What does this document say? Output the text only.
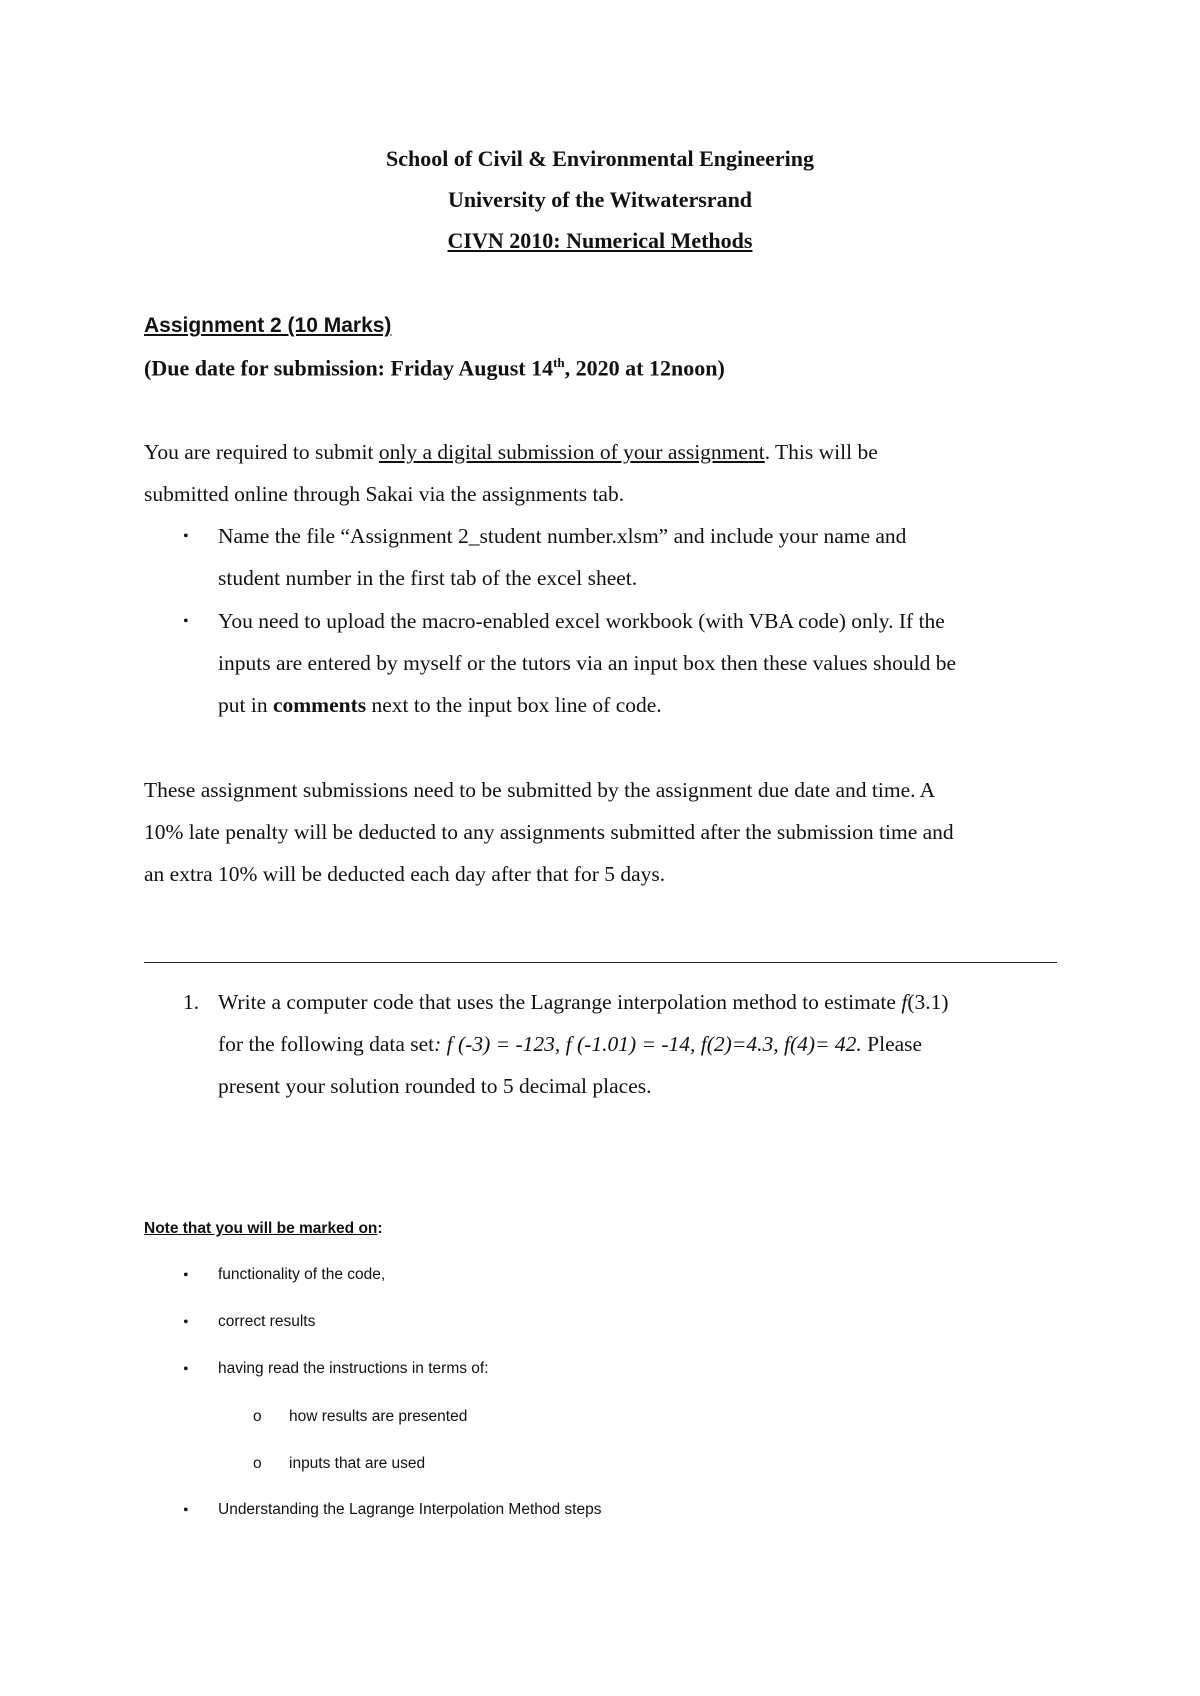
School of Civil & Environmental Engineering
University of the Witwatersrand
CIVN 2010: Numerical Methods
Assignment 2 (10 Marks)
(Due date for submission: Friday August 14th, 2020 at 12noon)
You are required to submit only a digital submission of your assignment. This will be
submitted online through Sakai via the assignments tab.
• Name the file “Assignment 2_student number.xlsm” and include your name and
student number in the first tab of the excel sheet.
• You need to upload the macro-enabled excel workbook (with VBA code) only. If the
inputs are entered by myself or the tutors via an input box then these values should be
put in comments next to the input box line of code.
These assignment submissions need to be submitted by the assignment due date and time. A
10% late penalty will be deducted to any assignments submitted after the submission time and
an extra 10% will be deducted each day after that for 5 days.
1. Write a computer code that uses the Lagrange interpolation method to estimate f(3.1)
for the following data set: f (-3) = -123, f (-1.01) = -14, f(2)=4.3, f(4)= 42. Please
present your solution rounded to 5 decimal places.
Note that you will be marked on:
• functionality of the code,
• correct results
• having read the instructions in terms of:
o how results are presented
o inputs that are used
• Understanding the Lagrange Interpolation Method steps
